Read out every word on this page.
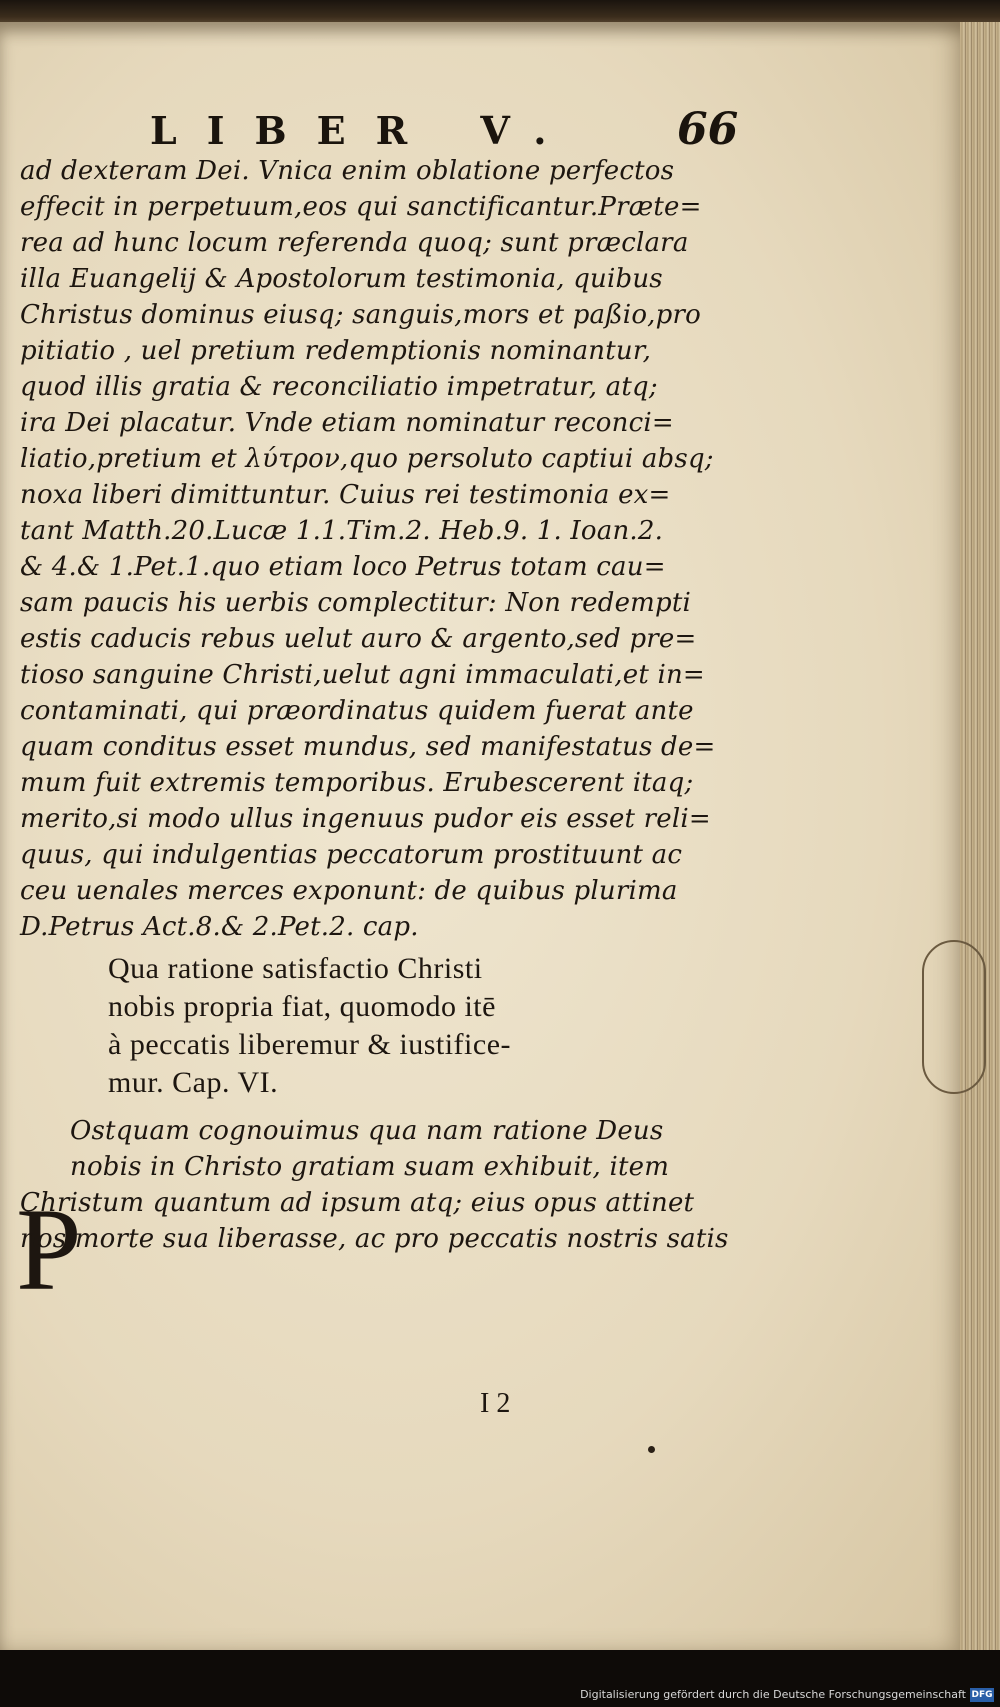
LIBER V. 66
ad dexteram Dei. Vnica enim oblatione perfectos
effecit in perpetuum,eos qui sanctificantur.Præte=
rea ad hunc locum referenda quoq; sunt præclara
illa Euangelij & Apostolorum testimonia, quibus
Christus dominus eiusq; sanguis,mors et paßio,pro
pitiatio , uel pretium redemptionis nominantur,
quod illis gratia & reconciliatio impetratur, atq;
ira Dei placatur. Vnde etiam nominatur reconci=
liatio,pretium et λύτρον,quo persoluto captiui absq;
noxa liberi dimittuntur. Cuius rei testimonia ex=
tant Matth.20.Lucæ 1.1.Tim.2. Heb.9. 1. Ioan.2.
& 4.& 1.Pet.1.quo etiam loco Petrus totam cau=
sam paucis his uerbis complectitur: Non redempti
estis caducis rebus uelut auro & argento,sed pre=
tioso sanguine Christi,uelut agni immaculati,et in=
contaminati, qui præordinatus quidem fuerat ante
quam conditus esset mundus, sed manifestatus de=
mum fuit extremis temporibus. Erubescerent itaq;
merito,si modo ullus ingenuus pudor eis esset reli=
quus, qui indulgentias peccatorum prostituunt ac
ceu uenales merces exponunt: de quibus plurima
D.Petrus Act.8.& 2.Pet.2. cap.
Qua ratione satisfactio Christi
nobis propria fiat, quomodo itē
à peccatis liberemur & iustifice-
mur. Cap. VI.
P
Ostquam cognouimus qua nam ratione Deus
nobis in Christo gratiam suam exhibuit, item
Christum quantum ad ipsum atq; eius opus attinet
nos morte sua liberasse, ac pro peccatis nostris satis
I 2
Digitalisierung gefördert durch die Deutsche Forschungsgemeinschaft DFG
